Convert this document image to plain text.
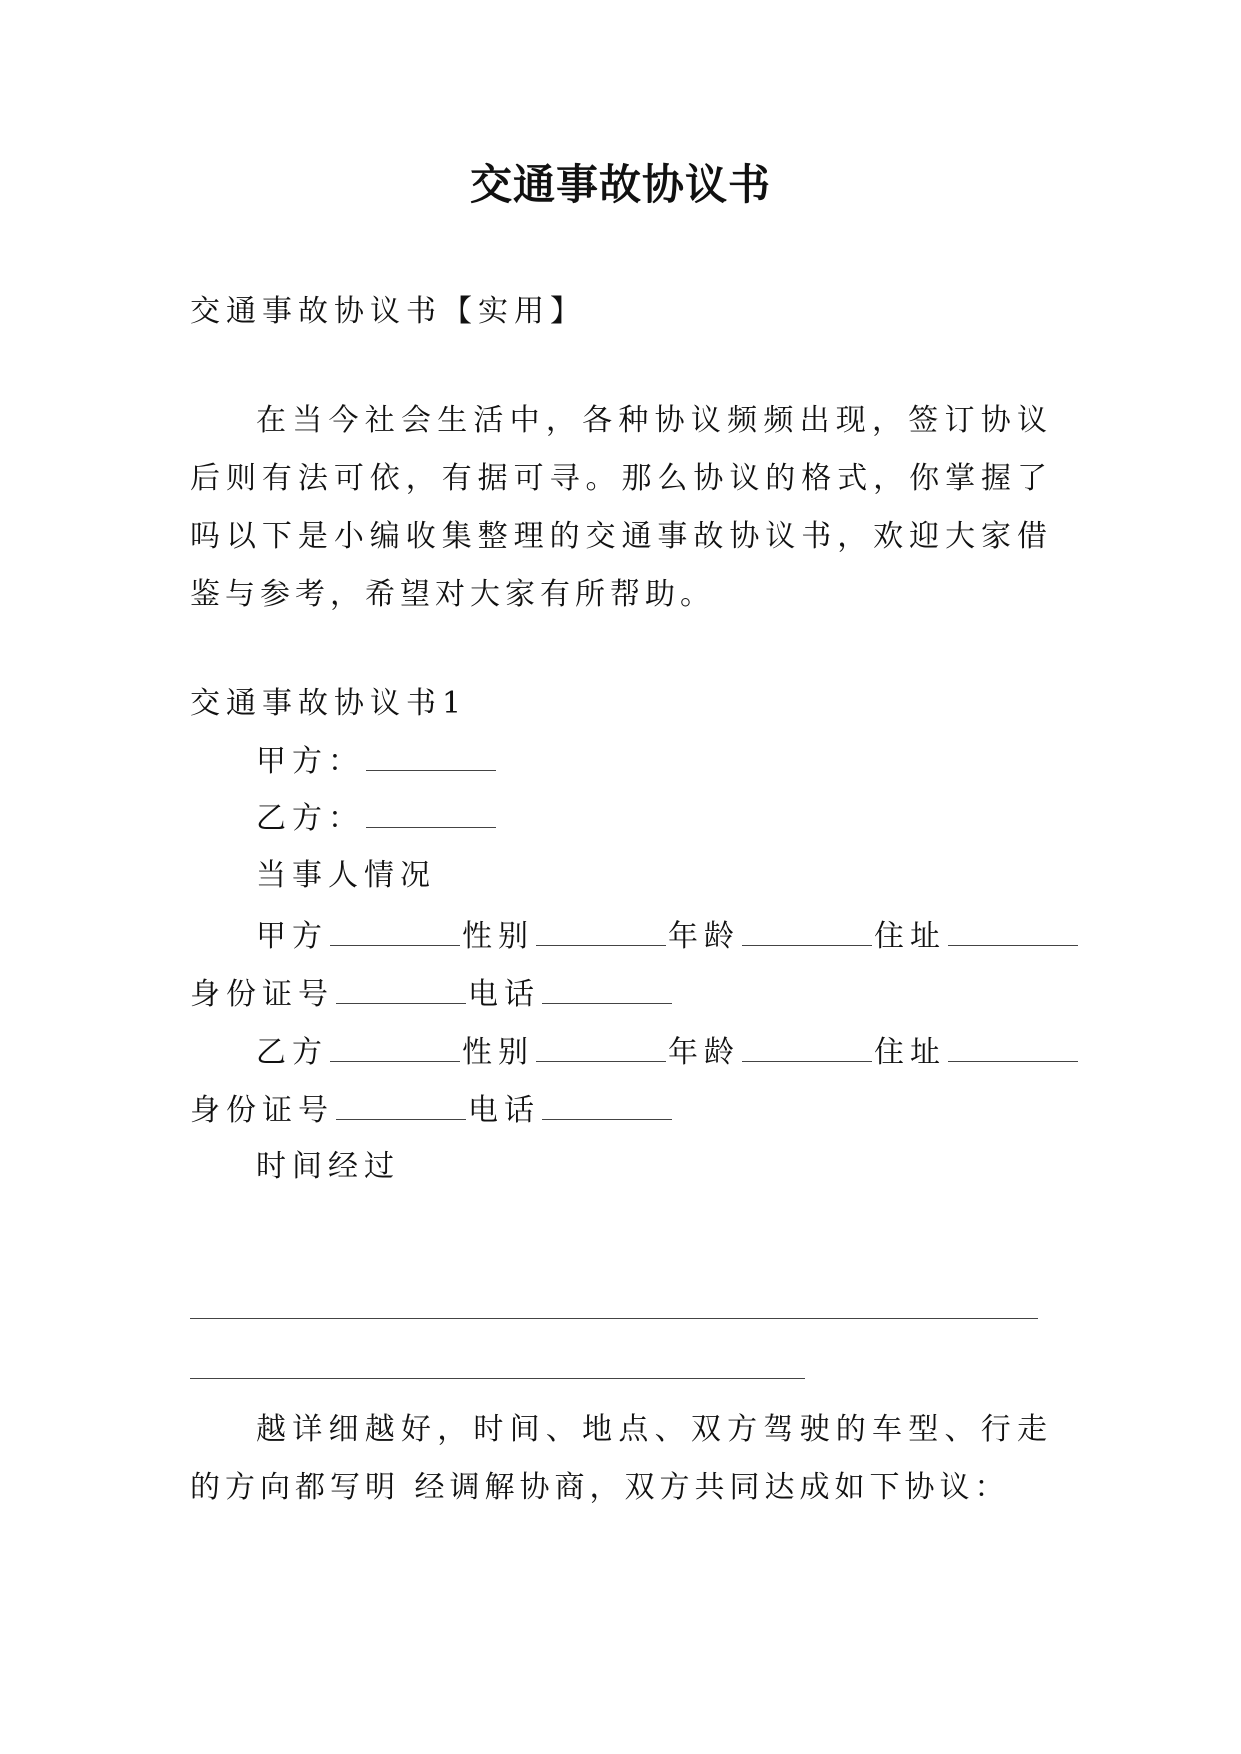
交通事故协议书
交通事故协议书【实用】
在当今社会生活中，各种协议频频出现，签订协议后则有法可依，有据可寻。那么协议的格式，你掌握了吗以下是小编收集整理的交通事故协议书，欢迎大家借鉴与参考，希望对大家有所帮助。
交通事故协议书1
甲方：
乙方：
当事人情况
甲方	性别	年龄	住址
身份证号	电话
乙方	性别	年龄	住址
身份证号	电话
时间经过
越详细越好，时间、地点、双方驾驶的车型、行走的方向都写明 经调解协商，双方共同达成如下协议：
